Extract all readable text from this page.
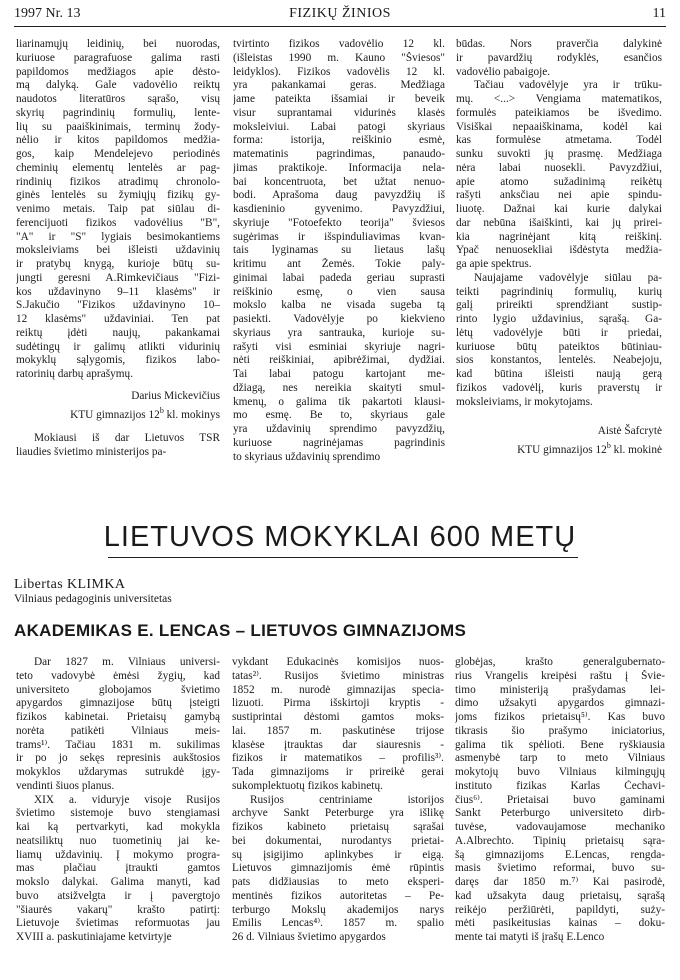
1997 Nr. 13	FIZIKŲ ŽINIOS	11
liarinamųjų leidinių, bei nuorodas,
kuriuose paragrafuose galima rasti
papildomos medžiagos apie dėsto-
mą dalyką. Gale vadovėlio reiktų
naudotos literatūros sąrašo, visų
skyrių pagrindinių formulių, lente-
lių su paaiškinimais, terminų žody-
nėlio ir kitos papildomos medžia-
gos, kaip Mendelejevo periodinės
cheminių elementų lentelės ar pag-
rindinių fizikos atradimų chronolo-
ginės lentelės su žymiųjų fizikų gy-
venimo metais. Taip pat siūlau di-
ferencijuoti fizikos vadovėlius "B",
"A" ir "S" lygiais besimokantiems
moksleiviams bei išleisti uždavinių
ir pratybų knygą, kurioje būtų su-
jungti geresni A.Rimkevičiaus "Fizi-
kos uždavinyno 9–11 klasėms" ir
S.Jakučio "Fizikos uždavinyno 10–
12 klasėms" uždaviniai. Ten pat
reiktų įdėti naujų, pakankamai
sudėtingų ir galimų atlikti vidurinių
mokyklų sąlygomis, fizikos labo-
ratorinių darbų aprašymų.
Darius Mickevičius
KTU gimnazijos 12$^b$ kl. mokinys
Mokiausi iš dar Lietuvos TSR
liaudies švietimo ministerijos pa-
tvirtinto fizikos vadovėlio 12 kl.
(išleistas 1990 m. Kauno "Šviesos"
leidyklos). Fizikos vadovėlis 12 kl.
yra pakankamai geras. Medžiaga
jame pateikta išsamiai ir beveik
visur suprantamai vidurinės klasės
moksleiviui. Labai patogi skyriaus
forma: istorija, reiškinio esmė,
matematinis pagrindimas, panaudo-
jimas praktikoje. Informacija nela-
bai koncentruota, bet užtat nenuo-
bodi. Aprašoma daug pavyzdžių iš
kasdieninio gyvenimo. Pavyzdžiui,
skyriuje "Fotoefekto teorija" šviesos
sugėrimas ir išspinduliavimas kvan-
tais lyginamas su lietaus lašų
kritimu ant Žemės. Tokie paly-
ginimai labai padeda geriau suprasti
reiškinio esmę, o vien sausa
mokslo kalba ne visada sugeba tą
pasiekti. Vadovėlyje po kiekvieno
skyriaus yra santrauka, kurioje su-
rašyti visi esminiai skyriuje nagri-
nėti reiškiniai, apibrėžimai, dydžiai.
Tai labai patogu kartojant me-
džiagą, nes nereikia skaityti smul-
kmenų, o galima tik pakartoti klausi-
mo esmę. Be to, skyriaus gale
yra uždavinių sprendimo pavyzdžių,
kuriuose nagrinėjamas pagrindinis
to skyriaus uždavinių sprendimo
būdas. Nors praverčia dalykinė
ir pavardžių rodyklės, esančios
vadovėlio pabaigoje.
Tačiau vadovėlyje yra ir trūku-
mų. <...> Vengiama matematikos,
formulės pateikiamos be išvedimo.
Visiškai nepaaiškinama, kodėl kai
kas formulėse atmetama. Todėl
sunku suvokti jų prasmę. Medžiaga
nėra labai nuosekli. Pavyzdžiui,
apie atomo sužadinimą reikėtų
rašyti anksčiau nei apie spindu-
liuotę. Dažnai kai kurie dalykai
dar nebūna išaiškinti, kai jų prirei-
kia nagrinėjant kitą reiškinį.
Ypač nenuosekliai išdėstyta medžia-
ga apie spektrus.
Naujajame vadovėlyje siūlau pa-
teikti pagrindinių formulių, kurių
galį prireikti sprendžiant sustip-
rinto lygio uždavinius, sąrašą. Ga-
lėtų vadovėlyje būti ir priedai,
kuriuose būtų pateiktos būtiniau-
sios konstantos, lentelės. Neabejoju,
kad būtina išleisti naują gerą
fizikos vadovėlį, kuris praverstų ir
moksleiviams, ir mokytojams.
Aistė Šafcrytė
KTU gimnazijos 12$^b$ kl. mokinė
LIETUVOS MOKYKLAI 600 METŲ
Libertas KLIMKA
Vilniaus pedagoginis universitetas
AKADEMIKAS E. LENCAS – LIETUVOS GIMNAZIJOMS
Dar 1827 m. Vilniaus universi-
teto vadovybė ėmėsi žygių, kad
universiteto globojamos švietimo
apygardos gimnazijose būtų įsteigti
fizikos kabinetai. Prietaisų gamybą
norėta patikėti Vilniaus meis-
trams¹⁾. Tačiau 1831 m. sukilimas
ir po jo sekęs represinis aukštosios
mokyklos uždarymas sutrukdė įgy-
vendinti šiuos planus.
XIX a. viduryje visoje Rusijos
švietimo sistemoje buvo stengiamasi
kai ką pertvarkyti, kad mokykla
neatsiliktų nuo tuometinių jai ke-
liamų uždavinių. Į mokymo progra-
mas plačiau įtraukti gamtos
mokslo dalykai. Galima manyti, kad
buvo atsižvelgta ir į pavergtojo
"šiaurės vakarų" krašto patirtį:
Lietuvoje švietimas reformuotas jau
XVIII a. paskutiniajame ketvirtyje
vykdant Edukacinės komisijos nuos-
tatas²⁾. Rusijos švietimo ministras
1852 m. nurodė gimnazijas specia-
lizuoti. Pirma išskirtoji kryptis -
sustiprintai dėstomi gamtos moks-
lai. 1857 m. paskutinėse trijose
klasėse įtrauktas dar siauresnis -
fizikos ir matematikos – profilis³⁾.
Tada gimnazijoms ir prireikė gerai
sukomplektuotų fizikos kabinetų.
Rusijos centriniame istorijos
archyve Sankt Peterburge yra išlikę
fizikos kabineto prietaisų sąrašai
bei dokumentai, nurodantys prietai-
sų įsigijimo aplinkybes ir eigą.
Lietuvos gimnazijomis ėmė rūpintis
pats didžiausias to meto eksperi-
mentinės fizikos autoritetas – Pe-
terburgo Mokslų akademijos narys
Emilis Lencas⁴⁾. 1857 m. spalio
26 d. Vilniaus švietimo apygardos
globėjas, krašto generalgubernato-
rius Vrangelis kreipėsi raštu į Švie-
timo ministeriją prašydamas lei-
dimo užsakyti apygardos gimnazi-
joms fizikos prietaisų⁵⁾. Kas buvo
tikrasis šio prašymo iniciatorius,
galima tik spėlioti. Bene ryškiausia
asmenybė tarp to meto Vilniaus
mokytojų buvo Vilniaus kilmingųjų
instituto fizikas Karlas Čechavi-
čius⁶⁾. Prietaisai buvo gaminami
Sankt Peterburgo universiteto dirb-
tuvėse, vadovaujamose mechaniko
A.Albrechto. Tipinių prietaisų sąra-
šą gimnazijoms E.Lencas, rengda-
masis švietimo reformai, buvo su-
daręs dar 1850 m.⁷⁾ Kai pasirodė,
kad užsakyta daug prietaisų, sąrašą
reikėjo peržiūrėti, papildyti, suży-
mėti pasikeitusias kainas – doku-
mente tai matyti iš įrašų E.Lenco
